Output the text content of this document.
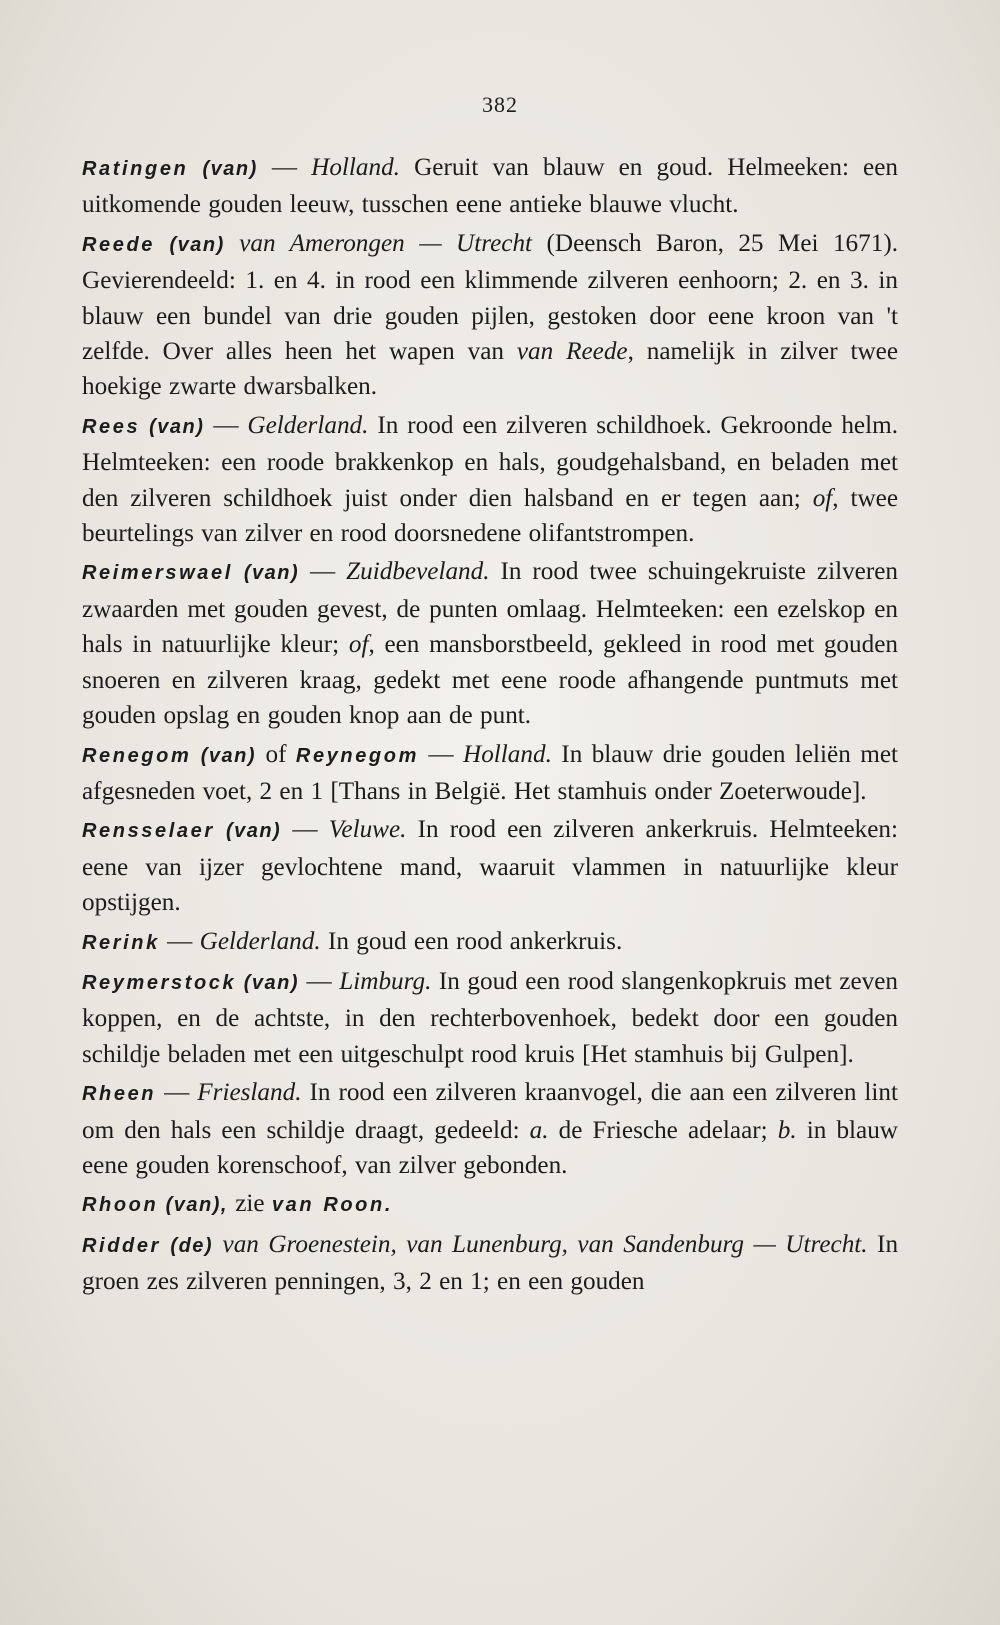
382

Ratingen (van) — Holland. Geruit van blauw en goud. Helmeeken: een uitkomende gouden leeuw, tusschen eene antieke blauwe vlucht.

Reede (van) van Amerongen — Utrecht (Deensch Baron, 25 Mei 1671). Gevierendeeld: 1. en 4. in rood een klimmende zilveren eenhoorn; 2. en 3. in blauw een bundel van drie gouden pijlen, gestoken door eene kroon van 't zelfde. Over alles heen het wapen van van Reede, namelijk in zilver twee hoekige zwarte dwarsbalken.

Rees (van) — Gelderland. In rood een zilveren schildhoek. Gekroonde helm. Helmteeken: een roode brakkenkop en hals, goudgehalsband, en beladen met den zilveren schildhoek juist onder dien halsband en er tegen aan; of, twee beurtelings van zilver en rood doorsnedene olifantstrompen.

Reimerswael (van) — Zuidbeveland. In rood twee schuingekruiste zilveren zwaarden met gouden gevest, de punten omlaag. Helmteeken: een ezelskop en hals in natuurlijke kleur; of, een mansborstbeeld, gekleed in rood met gouden snoeren en zilveren kraag, gedekt met eene roode afhangende puntmuts met gouden opslag en gouden knop aan de punt.

Renegom (van) of Reynegom — Holland. In blauw drie gouden leliën met afgesneden voet, 2 en 1 [Thans in België. Het stamhuis onder Zoeterwoude].

Rensselaer (van) — Veluwe. In rood een zilveren ankerkruis. Helmteeken: eene van ijzer gevlochtene mand, waaruit vlammen in natuurlijke kleur opstijgen.

Rerink — Gelderland. In goud een rood ankerkruis.

Reymerstock (van) — Limburg. In goud een rood slangenkopkruis met zeven koppen, en de achtste, in den rechterbovenhoek, bedekt door een gouden schildje beladen met een uitgeschulpt rood kruis [Het stamhuis bij Gulpen].

Rheen — Friesland. In rood een zilveren kraanvogel, die aan een zilveren lint om den hals een schildje draagt, gedeeld: a. de Friesche adelaar; b. in blauw eene gouden korenschoof, van zilver gebonden.

Rhoon (van), zie van Roon.

Ridder (de) van Groenestein, van Lunenburg, van Sandenburg — Utrecht. In groen zes zilveren penningen, 3, 2 en 1; en een gouden
